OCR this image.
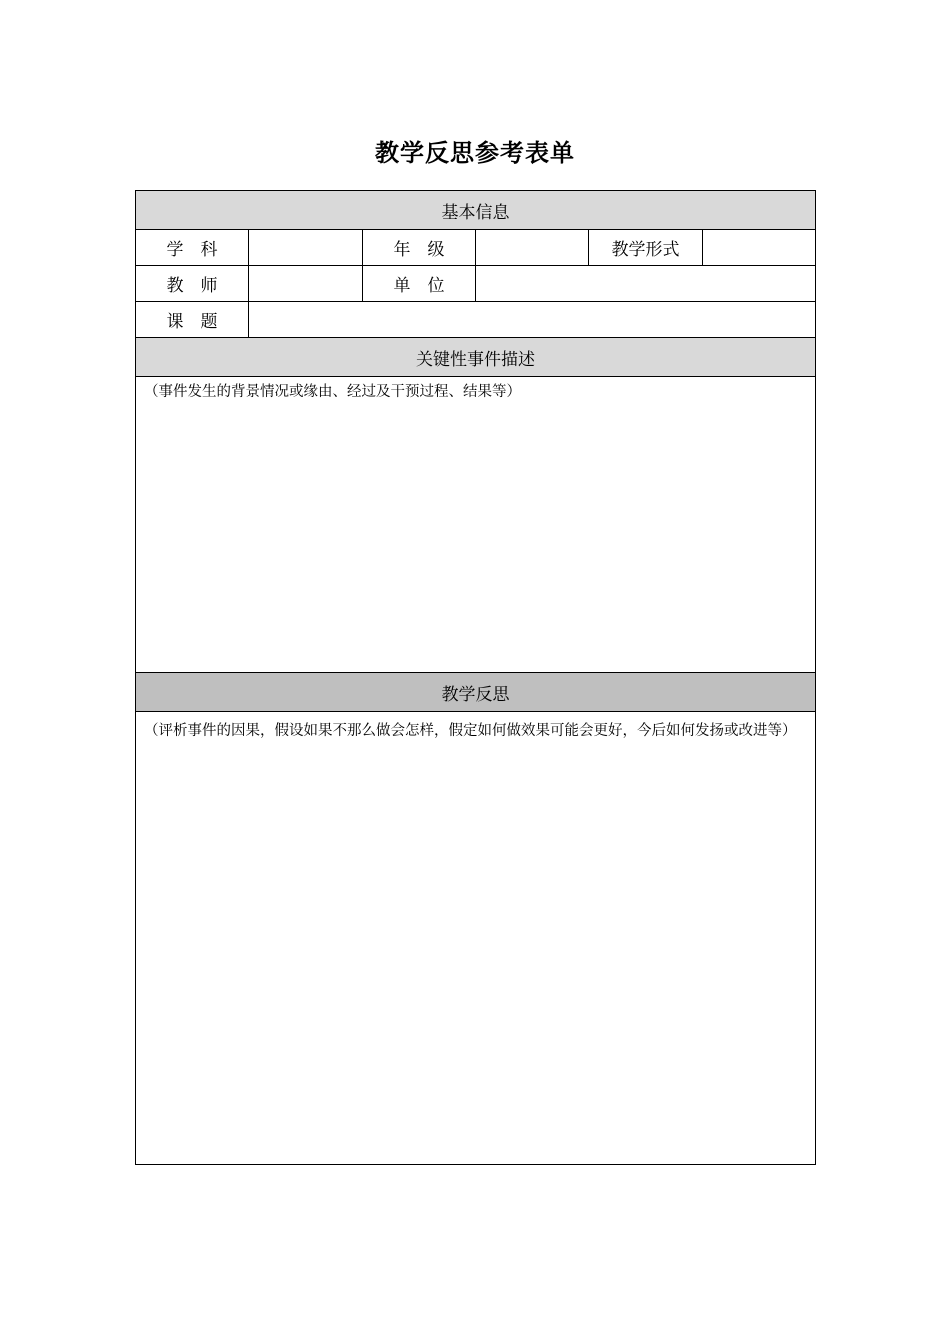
教学反思参考表单
基本信息					
学　科		年　级		教学形式	
教　师		单　位			
课　题					
关键性事件描述					
（事件发生的背景情况或缘由、经过及干预过程、结果等）					
教学反思					
（评析事件的因果，假设如果不那么做会怎样，假定如何做效果可能会更好，今后如何发扬或改进等）					
